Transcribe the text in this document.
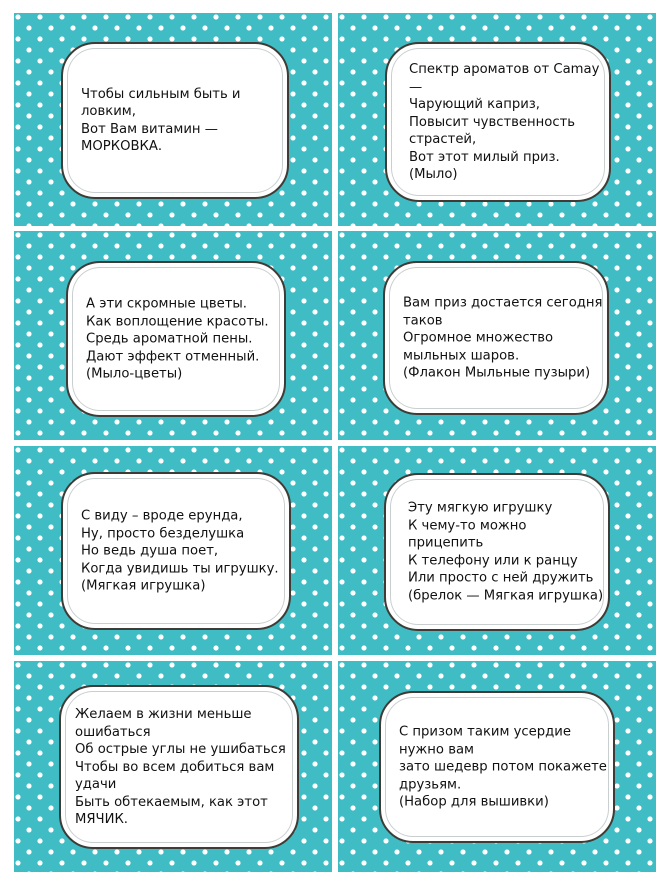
Чтобы сильным быть и
ловким,
Вот Вам витамин —
МОРКОВКА.
Спектр ароматов от Camay
—
Чарующий каприз,
Повысит чувственность
страстей,
Вот этот милый приз.
(Мыло)
А эти скромные цветы.
Как воплощение красоты.
Средь ароматной пены.
Дают эффект отменный.
(Мыло-цветы)
Вам приз достается сегодня
таков
Огромное множество
мыльных шаров.
(Флакон Мыльные пузыри)
С виду – вроде ерунда,
Ну, просто безделушка
Но ведь душа поет,
Когда увидишь ты игрушку.
(Мягкая игрушка)
Эту мягкую игрушку
К чему-то можно
прицепить
К телефону или к ранцу
Или просто с ней дружить
(брелок — Мягкая игрушка)
Желаем в жизни меньше
ошибаться
Об острые углы не ушибаться
Чтобы во всем добиться вам
удачи
Быть обтекаемым, как этот
МЯЧИК.
С призом таким усердие
нужно вам
зато шедевр потом покажете
друзьям.
(Набор для вышивки)
